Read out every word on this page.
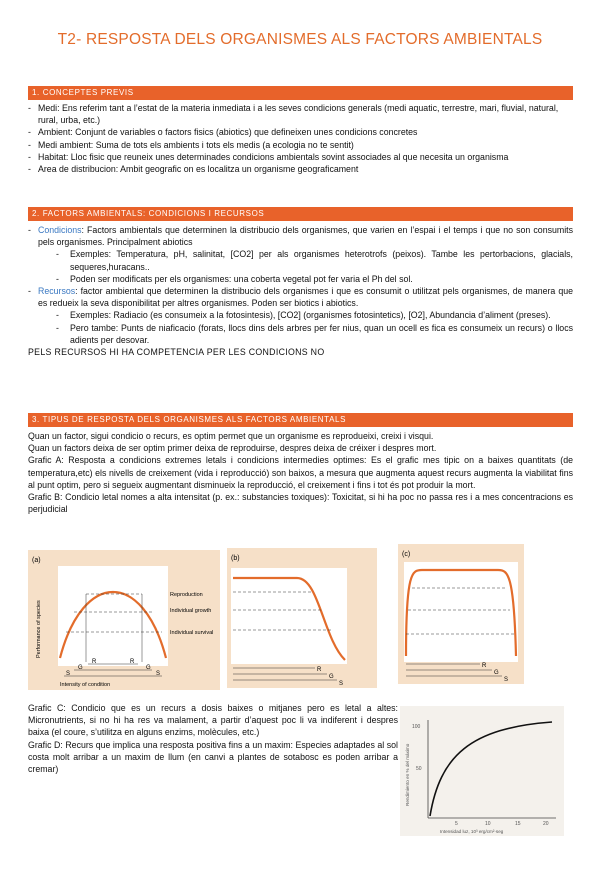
T2- RESPOSTA DELS ORGANISMES ALS FACTORS AMBIENTALS
1. CONCEPTES PREVIS
- Medi: Ens referim tant a l’estat de la materia inmediata i a les seves condicions generals (medi aquatic, terrestre, mari, fluvial, natural, rural, urba, etc.)
- Ambient: Conjunt de variables o factors fisics (abiotics) que defineixen unes condicions concretes
- Medi ambient: Suma de tots els ambients i tots els medis (a ecologia no te sentit)
- Habitat: Lloc fisic que reuneix unes determinades condicions ambientals sovint associades al que necesita un organisma
- Area de distribucion: Ambit geografic on es localitza un organisme geograficament
2. FACTORS AMBIENTALS: CONDICIONS I RECURSOS
- Condicions: Factors ambientals que determinen la distribucio dels organismes, que varien en l’espai i el temps i que no son consumits pels organismes. Principalment abiotics
- Exemples: Temperatura, pH, salinitat, [CO2] per als organismes heterotrofs (peixos). Tambe les pertorbacions, glacials, sequeres,huracans..
- Poden ser modificats per els organismes: una coberta vegetal pot fer varia el Ph del sol.
- Recursos: factor ambiental que determinen la distribucio dels organismes i que es consumit o utilitzat pels organismes, de manera que es redueix la seva disponibilitat per altres organismes. Poden ser biotics i abiotics.
- Exemples: Radiacio (es consumeix a la fotosintesis), [CO2] (organismes fotosintetics), [O2], Abundancia d’aliment (preses).
- Pero tambe: Punts de niaficacio (forats, llocs dins dels arbres per fer nius, quan un ocell es fica es consumeix un recurs) o llocs adients per desovar.
PELS RECURSOS HI HA COMPETENCIA PER LES CONDICIONS NO
3. TIPUS DE RESPOSTA DELS ORGANISMES ALS FACTORS AMBIENTALS
Quan un factor, sigui condicio o recurs, es optim permet que un organisme es reprodueixi, creixi i visqui.
Quan un factors deixa de ser optim primer deixa de reproduirse, despres deixa de créixer i despres mort.
Grafic A: Resposta a condicions extremes letals i condicions intermedies optimes: Es el grafic mes tipic on a baixes quantitats (de temperatura,etc) els nivells de creixement (vida i reproducció) son baixos, a mesura que augmenta aquest recurs augmenta la viabilitat fins al punt optim, pero si segueix augmentant disminueix la reproducció, el creixement i fins i tot és pot produir la mort.
Grafic B: Condicio letal nomes a alta intensitat (p. ex.: substancies toxiques): Toxicitat, si hi ha poc no passa res i a mes concentracions es perjudicial
(a)
Performance of species
Intensity of condition
Reproduction
Individual growth
Individual survival
R
G
S
R
G
S
(b)
R
G
S
(c)
R
G
S
Grafic C: Condicio que es un recurs a dosis baixes o mitjanes pero es letal a altes: Micronutrients, si no hi ha res va malament, a partir d’aquest poc li va indiferent i despres baixa (el coure, s’utilitza en alguns enzims, molècules, etc.)
Grafic D: Recurs que implica una resposta positiva fins a un maxim: Especies adaptades al sol costa molt arribar a un maxim de llum (en canvi a plantes de sotabosc es poden arribar a cremar)
100
50
5	10	15	20
Rendimiento en % del máximo
Intensidad luz, 10³ erg/cm²·seg
